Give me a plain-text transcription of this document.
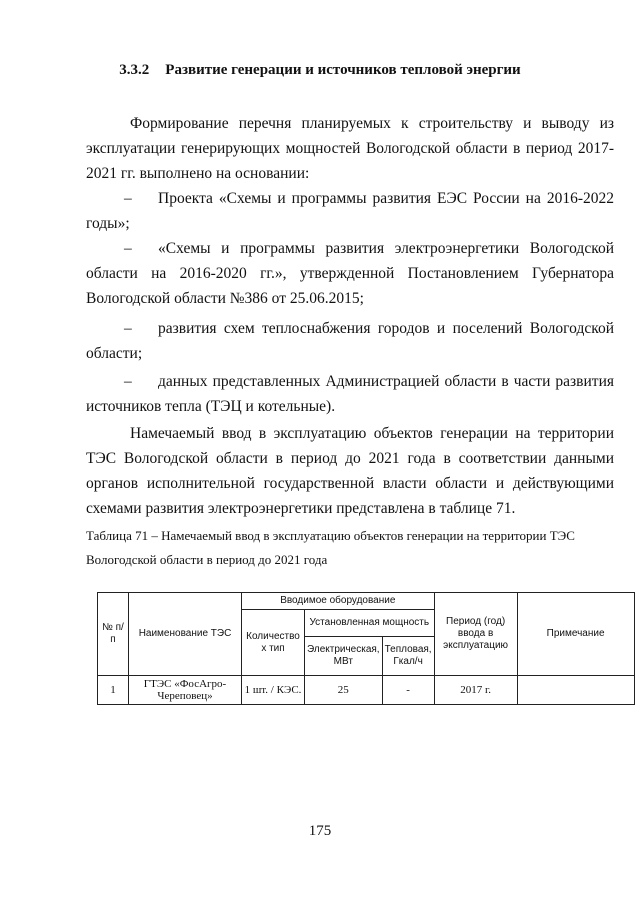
3.3.2 Развитие генерации и источников тепловой энергии
Формирование перечня планируемых к строительству и выводу из эксплуатации генерирующих мощностей Вологодской области в период 2017-2021 гг. выполнено на основании:
–	Проекта «Схемы и программы развития ЕЭС России на 2016-2022 годы»;
–	«Схемы и программы развития электроэнергетики Вологодской области на 2016-2020 гг.», утвержденной Постановлением Губернатора Вологодской области №386 от 25.06.2015;
–	развития схем теплоснабжения городов и поселений Вологодской области;
–	данных представленных Администрацией области в части развития источников тепла (ТЭЦ и котельные).
Намечаемый ввод в эксплуатацию объектов генерации на территории ТЭС Вологодской области в период до 2021 года в соответствии данными органов исполнительной государственной власти области и действующими схемами развития электроэнергетики представлена в таблице 71.
Таблица 71 – Намечаемый ввод в эксплуатацию объектов генерации на территории ТЭС Вологодской области в период до 2021 года
№ п/п	Наименование ТЭС	Вводимое оборудование			Период (год) ввода в эксплуатацию	Примечание
		Количество х тип	Установленная мощность			
			Электрическая, МВт	Тепловая, Гкал/ч		
1	ГТЭС «ФосАгро-Череповец»	1 шт. / КЭС.	25	-	2017 г.	
175
